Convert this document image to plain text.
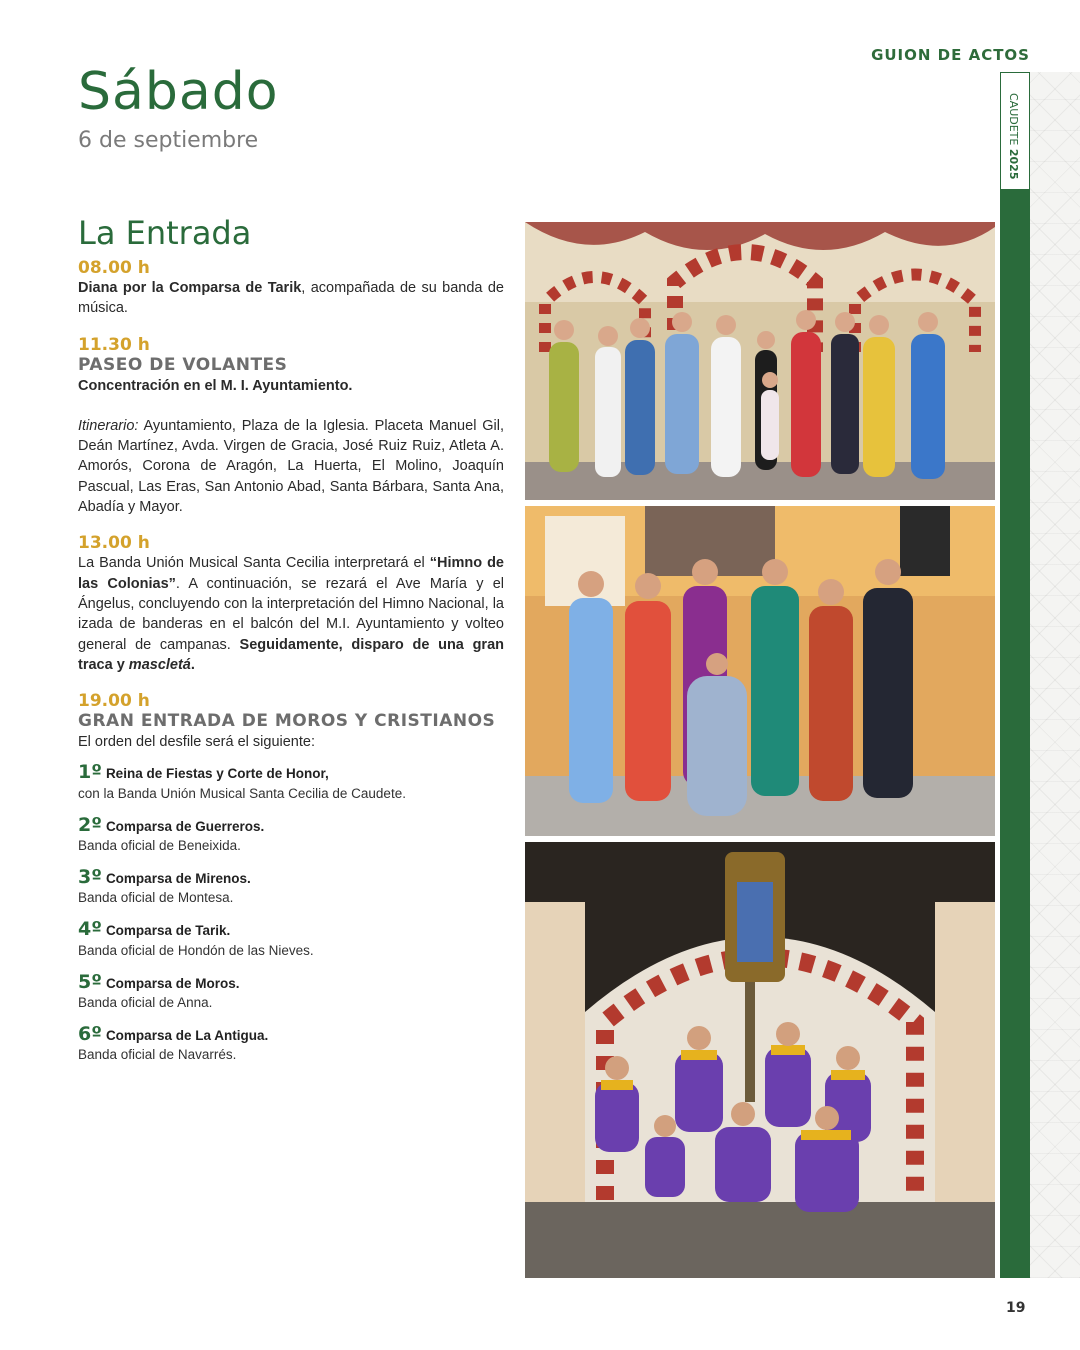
GUION DE ACTOS
CAUDETE 2025
Sábado
6 de septiembre
La Entrada
08.00 h

Diana por la Comparsa de Tarik, acompañada de su banda de música.

11.30 h
PASEO DE VOLANTES

Concentración en el M. I. Ayuntamiento.

Itinerario: Ayuntamiento, Plaza de la Iglesia. Placeta Manuel Gil, Deán Martínez, Avda. Virgen de Gracia, José Ruiz Ruiz, Atleta A. Amorós, Corona de Aragón, La Huerta, El Molino, Joaquín Pascual, Las Eras, San Antonio Abad, Santa Bárbara, Santa Ana, Abadía y Mayor.

13.00 h

La Banda Unión Musical Santa Cecilia interpretará el “Himno de las Colonias”. A continuación, se rezará el Ave María y el Ángelus, concluyendo con la interpretación del Himno Nacional, la izada de banderas en el balcón del M.I. Ayuntamiento y volteo general de campanas. Seguidamente, disparo de una gran traca y mascletá.

19.00 h
GRAN ENTRADA DE MOROS Y CRISTIANOS

El orden del desfile será el siguiente:

1º Reina de Fiestas y Corte de Honor,
con la Banda Unión Musical Santa Cecilia de Caudete.
2º Comparsa de Guerreros.
Banda oficial de Beneixida.
3º Comparsa de Mirenos.
Banda oficial de Montesa.
4º Comparsa de Tarik.
Banda oficial de Hondón de las Nieves.
5º Comparsa de Moros.
Banda oficial de Anna.
6º Comparsa de La Antigua.
Banda oficial de Navarrés.
19
